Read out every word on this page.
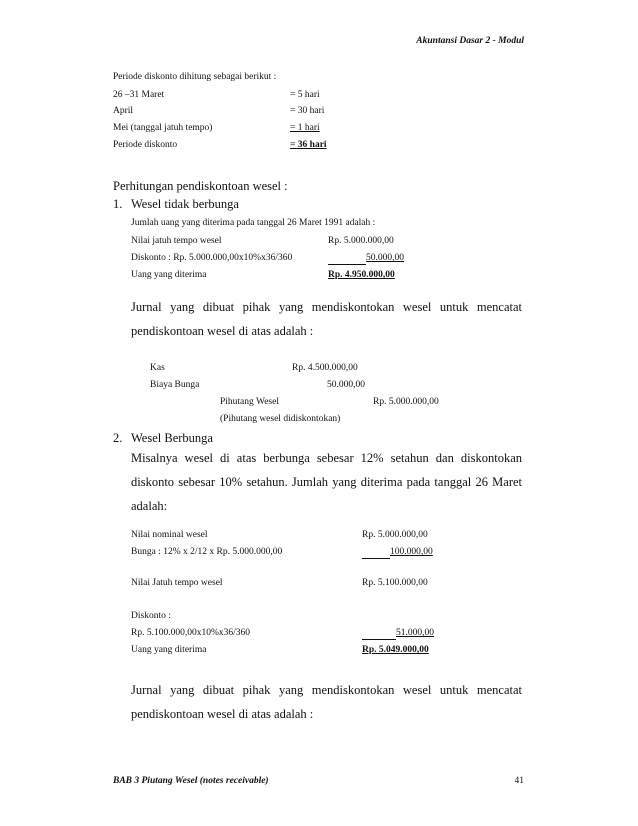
Akuntansi Dasar 2 - Modul
Periode diskonto dihitung sebagai berikut :
26 –31 Maret	= 5 hari
April	= 30 hari
Mei (tanggal jatuh tempo)	= 1 hari
Periode diskonto	= 36 hari
Perhitungan pendiskontoan wesel :
1. Wesel tidak berbunga
Jumlah uang yang diterima pada tanggal 26 Maret 1991 adalah :
Nilai jatuh tempo wesel	Rp. 5.000.000,00
Diskonto : Rp. 5.000.000,00x10%x36/360	50.000,00
Uang yang diterima	Rp. 4.950.000,00
Jurnal yang dibuat pihak yang mendiskontokan wesel untuk mencatat
pendiskontoan wesel di atas adalah :
Kas	Rp. 4.500.000,00
Biaya Bunga	50.000,00
Pihutang Wesel	Rp. 5.000.000,00
(Pihutang wesel didiskontokan)
2. Wesel Berbunga
Misalnya wesel di atas berbunga sebesar 12% setahun dan diskontokan
diskonto sebesar 10% setahun. Jumlah yang diterima pada tanggal 26 Maret
adalah:
Nilai nominal wesel	Rp. 5.000.000,00
Bunga : 12% x 2/12 x Rp. 5.000.000,00	100.000,00
Nilai Jatuh tempo wesel	Rp. 5.100.000,00
Diskonto :
Rp. 5.100.000,00x10%x36/360	51.000,00
Uang yang diterima	Rp. 5.049.000,00
Jurnal yang dibuat pihak yang mendiskontokan wesel untuk mencatat
pendiskontoan wesel di atas adalah :
BAB 3 Piutang Wesel (notes receivable)	41
